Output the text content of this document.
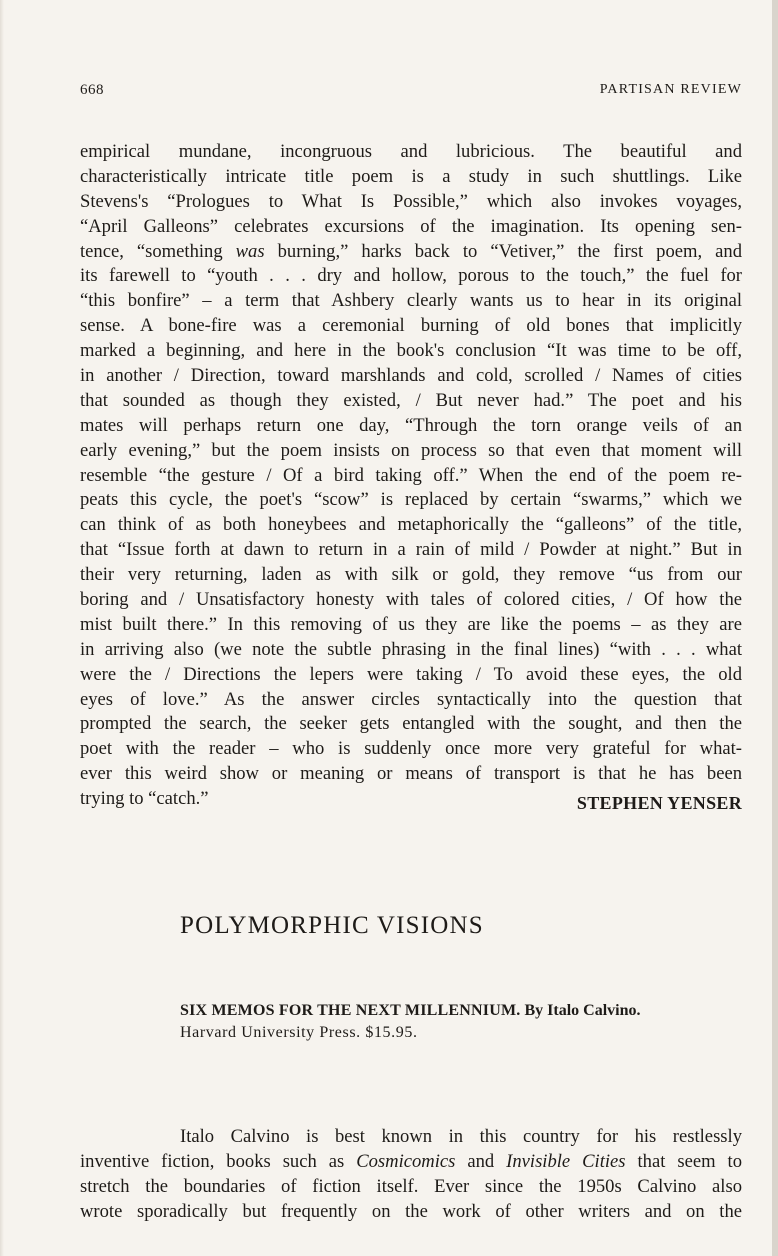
668	PARTISAN REVIEW
empirical mundane, incongruous and lubricious. The beautiful and
characteristically intricate title poem is a study in such shuttlings. Like
Stevens's “Prologues to What Is Possible,” which also invokes voyages,
“April Galleons” celebrates excursions of the imagination. Its opening sen-
tence, “something was burning,” harks back to “Vetiver,” the first poem, and
its farewell to “youth . . . dry and hollow, porous to the touch,” the fuel for
“this bonfire” – a term that Ashbery clearly wants us to hear in its original
sense. A bone-fire was a ceremonial burning of old bones that implicitly
marked a beginning, and here in the book's conclusion “It was time to be off,
in another / Direction, toward marshlands and cold, scrolled / Names of cities
that sounded as though they existed, / But never had.” The poet and his
mates will perhaps return one day, “Through the torn orange veils of an
early evening,” but the poem insists on process so that even that moment will
resemble “the gesture / Of a bird taking off.” When the end of the poem re-
peats this cycle, the poet's “scow” is replaced by certain “swarms,” which we
can think of as both honeybees and metaphorically the “galleons” of the title,
that “Issue forth at dawn to return in a rain of mild / Powder at night.” But in
their very returning, laden as with silk or gold, they remove “us from our
boring and / Unsatisfactory honesty with tales of colored cities, / Of how the
mist built there.” In this removing of us they are like the poems – as they are
in arriving also (we note the subtle phrasing in the final lines) “with . . . what
were the / Directions the lepers were taking / To avoid these eyes, the old
eyes of love.” As the answer circles syntactically into the question that
prompted the search, the seeker gets entangled with the sought, and then the
poet with the reader – who is suddenly once more very grateful for what-
ever this weird show or meaning or means of transport is that he has been
trying to “catch.”	STEPHEN YENSER
POLYMORPHIC VISIONS
SIX MEMOS FOR THE NEXT MILLENNIUM. By Italo Calvino.
Harvard University Press. $15.95.
Italo Calvino is best known in this country for his restlessly
inventive fiction, books such as Cosmicomics and Invisible Cities that seem to
stretch the boundaries of fiction itself. Ever since the 1950s Calvino also
wrote sporadically but frequently on the work of other writers and on the
